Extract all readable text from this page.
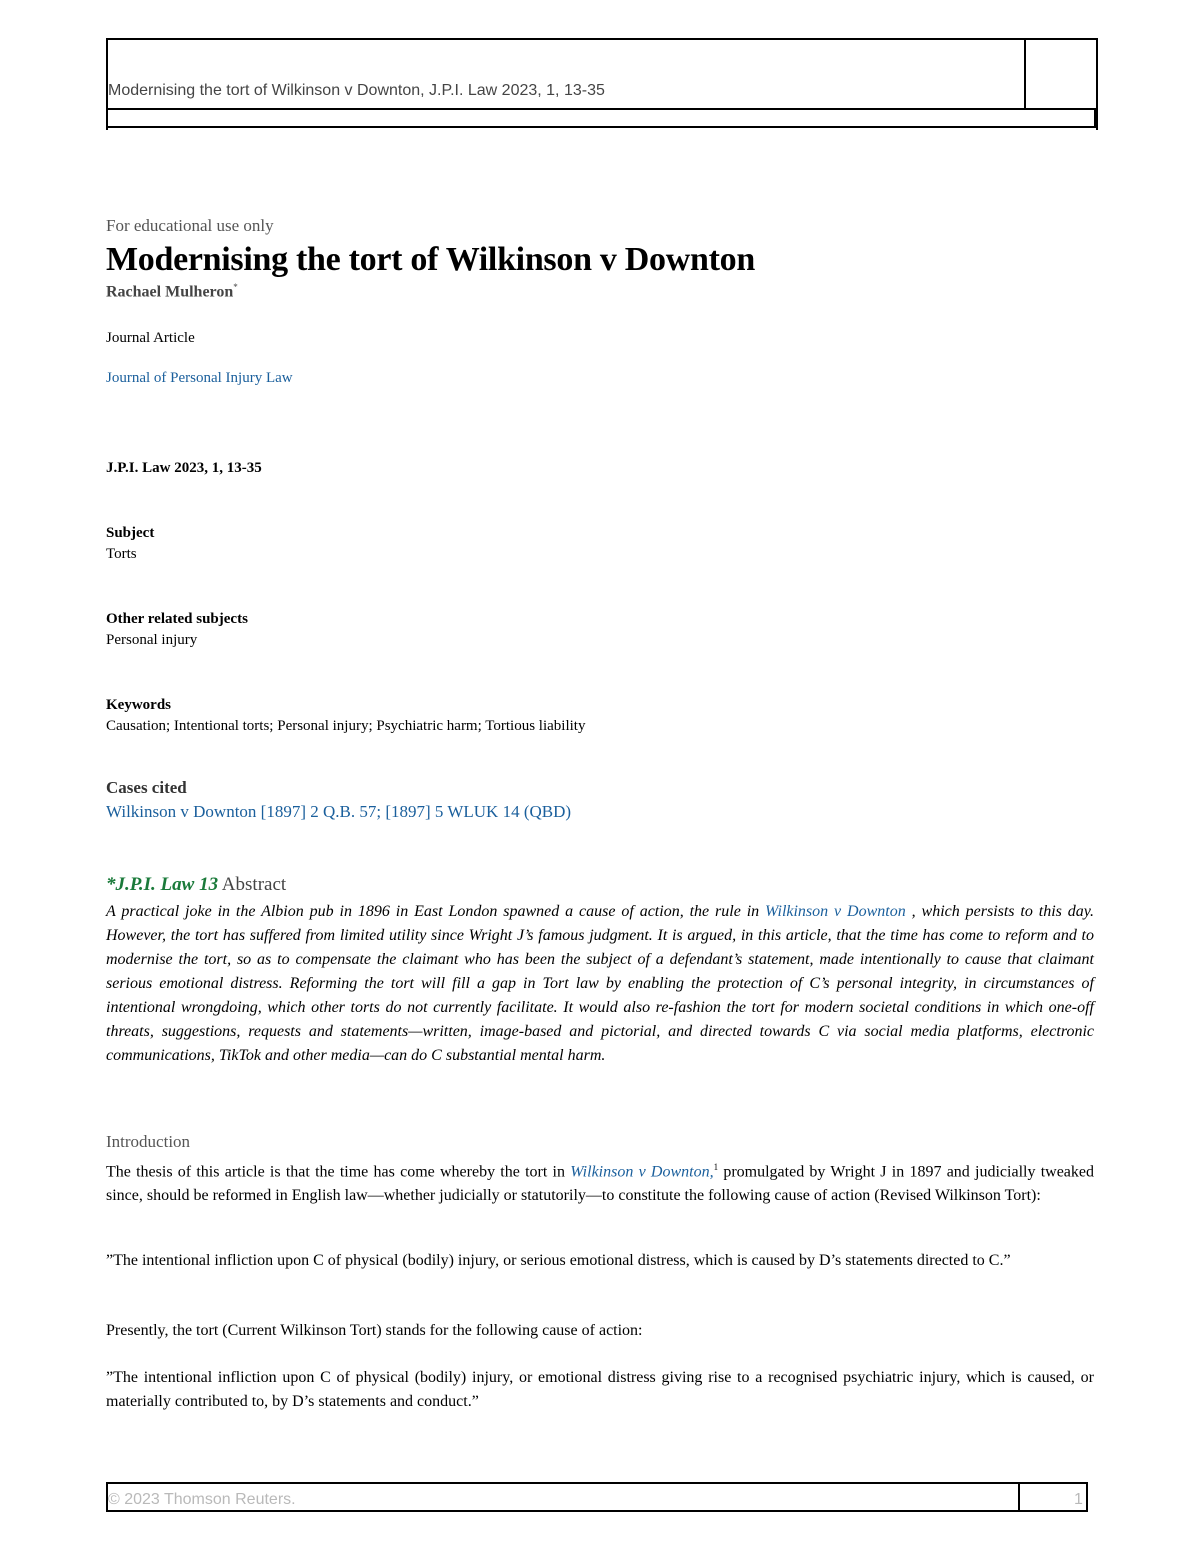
Modernising the tort of Wilkinson v Downton, J.P.I. Law 2023, 1, 13-35
For educational use only
Modernising the tort of Wilkinson v Downton
Rachael Mulheron*
Journal Article
Journal of Personal Injury Law
J.P.I. Law 2023, 1, 13-35
Subject
Torts
Other related subjects
Personal injury
Keywords
Causation; Intentional torts; Personal injury; Psychiatric harm; Tortious liability
Cases cited
Wilkinson v Downton [1897] 2 Q.B. 57; [1897] 5 WLUK 14 (QBD)
*J.P.I. Law 13 Abstract
A practical joke in the Albion pub in 1896 in East London spawned a cause of action, the rule in Wilkinson v Downton , which persists to this day. However, the tort has suffered from limited utility since Wright J’s famous judgment. It is argued, in this article, that the time has come to reform and to modernise the tort, so as to compensate the claimant who has been the subject of a defendant’s statement, made intentionally to cause that claimant serious emotional distress. Reforming the tort will fill a gap in Tort law by enabling the protection of C’s personal integrity, in circumstances of intentional wrongdoing, which other torts do not currently facilitate. It would also re-fashion the tort for modern societal conditions in which one-off threats, suggestions, requests and statements—written, image-based and pictorial, and directed towards C via social media platforms, electronic communications, TikTok and other media—can do C substantial mental harm.
Introduction
The thesis of this article is that the time has come whereby the tort in Wilkinson v Downton,$^1$ promulgated by Wright J in 1897 and judicially tweaked since, should be reformed in English law—whether judicially or statutorily—to constitute the following cause of action (Revised Wilkinson Tort):
”The intentional infliction upon C of physical (bodily) injury, or serious emotional distress, which is caused by D’s statements directed to C.”
Presently, the tort (Current Wilkinson Tort) stands for the following cause of action:
”The intentional infliction upon C of physical (bodily) injury, or emotional distress giving rise to a recognised psychiatric injury, which is caused, or materially contributed to, by D’s statements and conduct.”
© 2023 Thomson Reuters.	1
